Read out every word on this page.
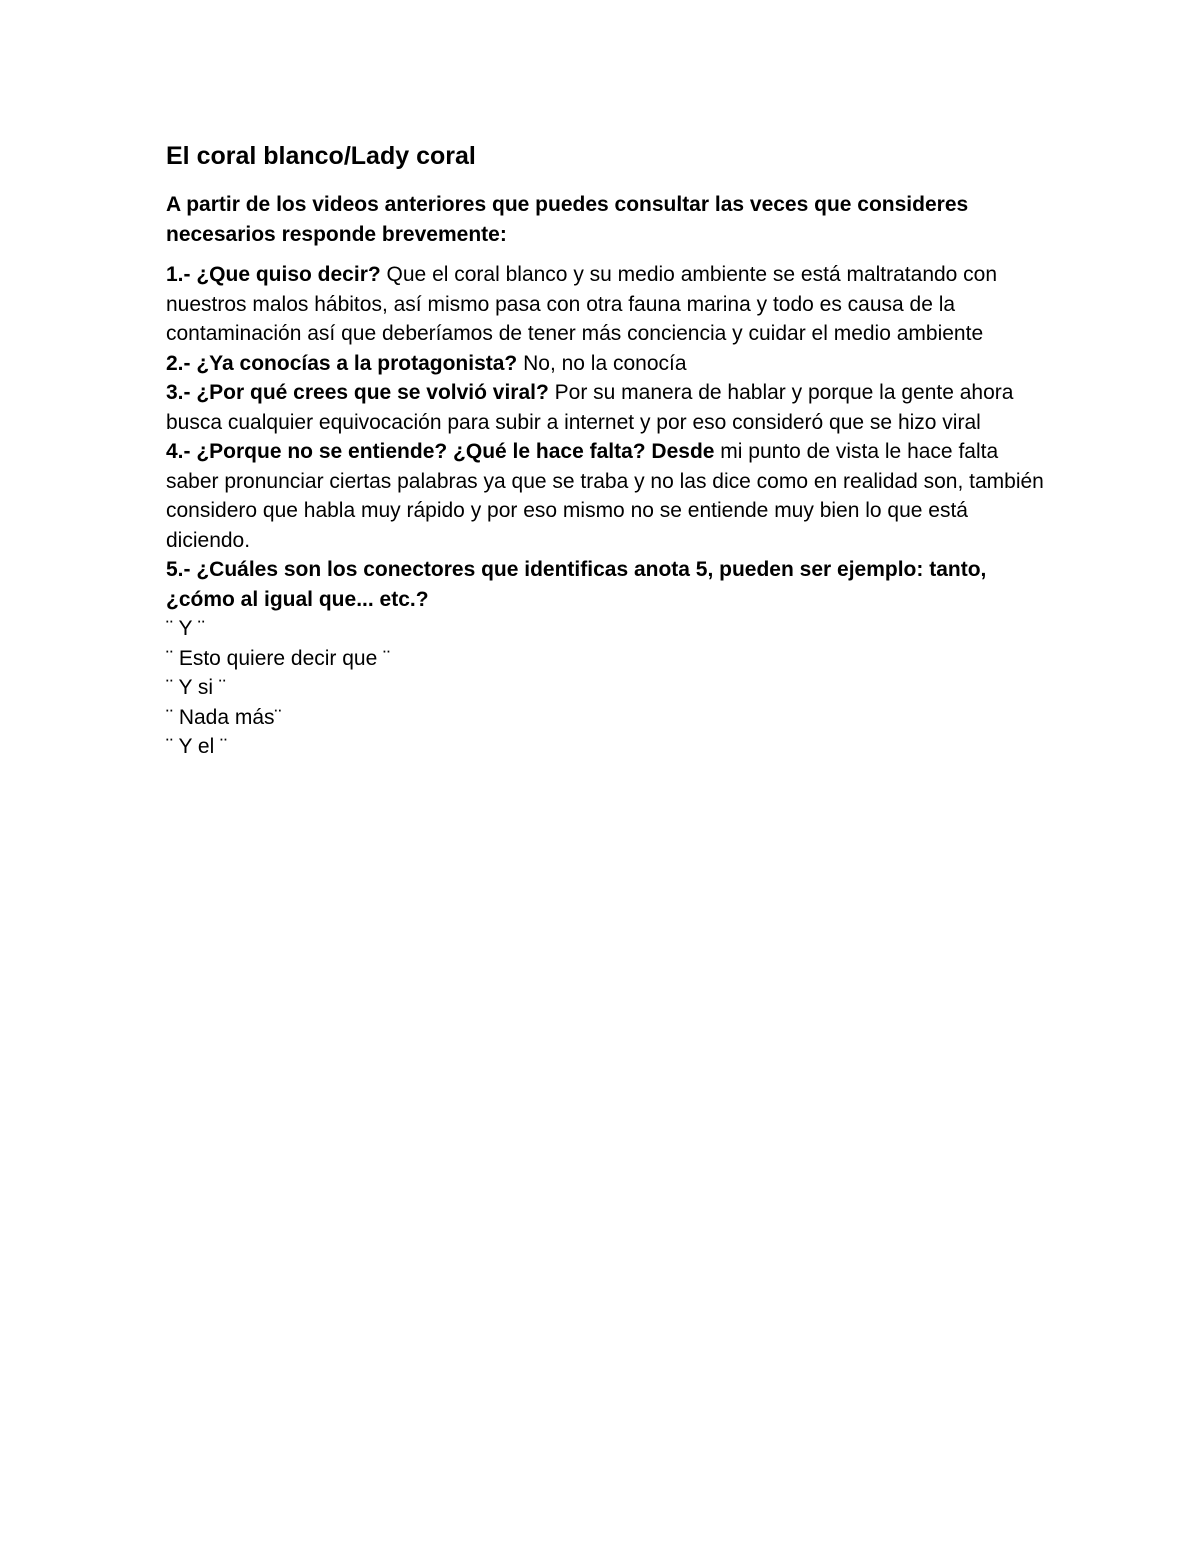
El coral blanco/Lady coral
A partir de los videos anteriores que puedes consultar las veces que consideres necesarios responde brevemente:

1.- ¿Que quiso decir? Que el coral blanco y su medio ambiente se está maltratando con nuestros malos hábitos, así mismo pasa con otra fauna marina y todo es causa de la contaminación así que deberíamos de tener más conciencia y cuidar el medio ambiente

2.- ¿Ya conocías a la protagonista? No, no la conocía

3.- ¿Por qué crees que se volvió viral? Por su manera de hablar y porque la gente ahora busca cualquier equivocación para subir a internet y por eso consideró que se hizo viral

4.- ¿Porque no se entiende? ¿Qué le hace falta? Desde mi punto de vista le hace falta saber pronunciar ciertas palabras ya que se traba y no las dice como en realidad son, también considero que habla muy rápido y por eso mismo no se entiende muy bien lo que está diciendo.

5.- ¿Cuáles son los conectores que identificas anota 5, pueden ser ejemplo: tanto, ¿cómo al igual que... etc.?

¨ Y ¨

¨ Esto quiere decir que ¨

¨ Y si ¨

¨ Nada más¨

¨ Y el ¨
